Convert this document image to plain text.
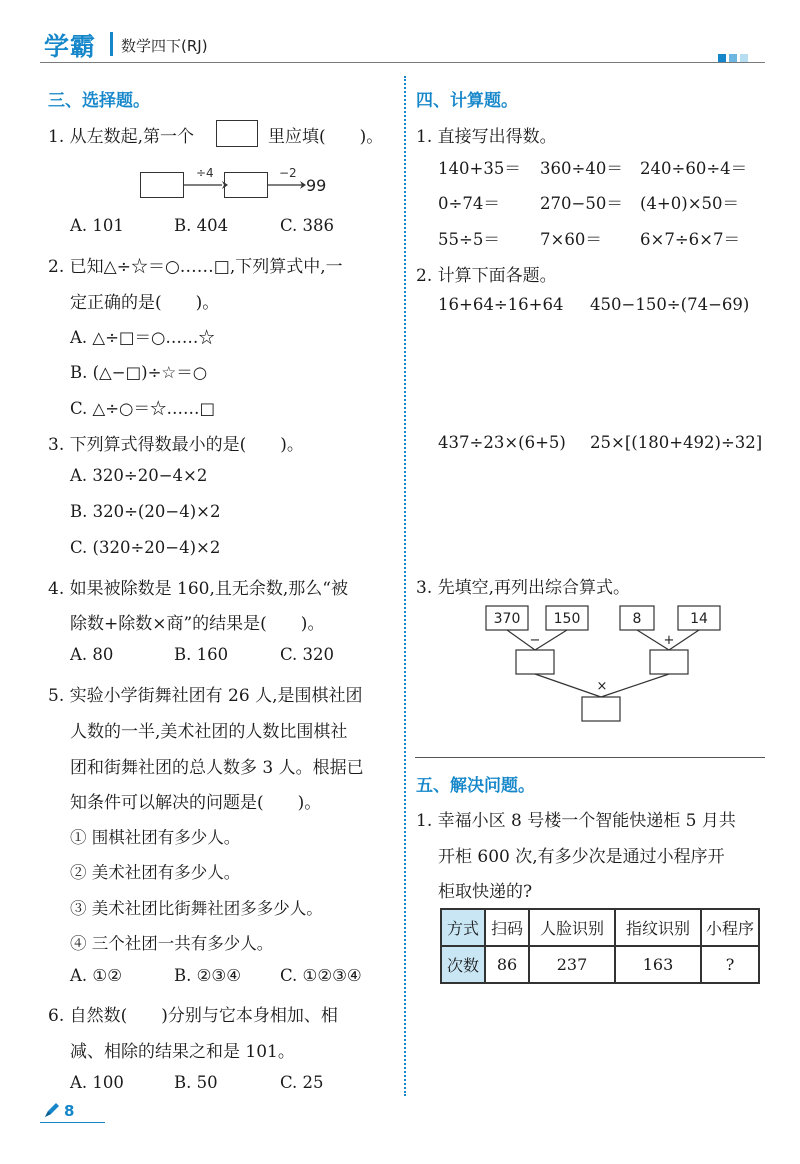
学霸 数学四下(RJ)
三、选择题。
1. 从左数起,第一个	里应填(　　)。
÷4	−2
99
A. 101	B. 404	C. 386
2. 已知△÷☆＝○……□,下列算式中,一
定正确的是(　　)。
A. △÷□＝○……☆
B. (△−□)÷☆＝○
C. △÷○＝☆……□
3. 下列算式得数最小的是(　　)。
A. 320÷20−4×2
B. 320÷(20−4)×2
C. (320÷20−4)×2
4. 如果被除数是 160,且无余数,那么“被
除数+除数×商”的结果是(　　)。
A. 80	B. 160	C. 320
5. 实验小学街舞社团有 26 人,是围棋社团
人数的一半,美术社团的人数比围棋社
团和街舞社团的总人数多 3 人。根据已
知条件可以解决的问题是(　　)。
① 围棋社团有多少人。
② 美术社团有多少人。
③ 美术社团比街舞社团多多少人。
④ 三个社团一共有多少人。
A. ①②	B. ②③④ C. ①②③④
6. 自然数(　　)分别与它本身相加、相
减、相除的结果之和是 101。
A. 100	B. 50	C. 25
四、计算题。
1. 直接写出得数。
140+35＝ 360÷40＝ 240÷60÷4＝
0÷74＝ 270−50＝ (4+0)×50＝
55÷5＝ 7×60＝ 6×7÷6×7＝
2. 计算下面各题。
16+64÷16+64 450−150÷(74−69)
437÷23×(6+5) 25×[(180+492)÷32]
3. 先填空,再列出综合算式。
370 150	8	14
−	+
×
五、解决问题。
1. 幸福小区 8 号楼一个智能快递柜 5 月共
开柜 600 次,有多少次是通过小程序开
柜取快递的?
方式	扫码	人脸识别	指纹识别	小程序
次数	86	237	163	?
8
